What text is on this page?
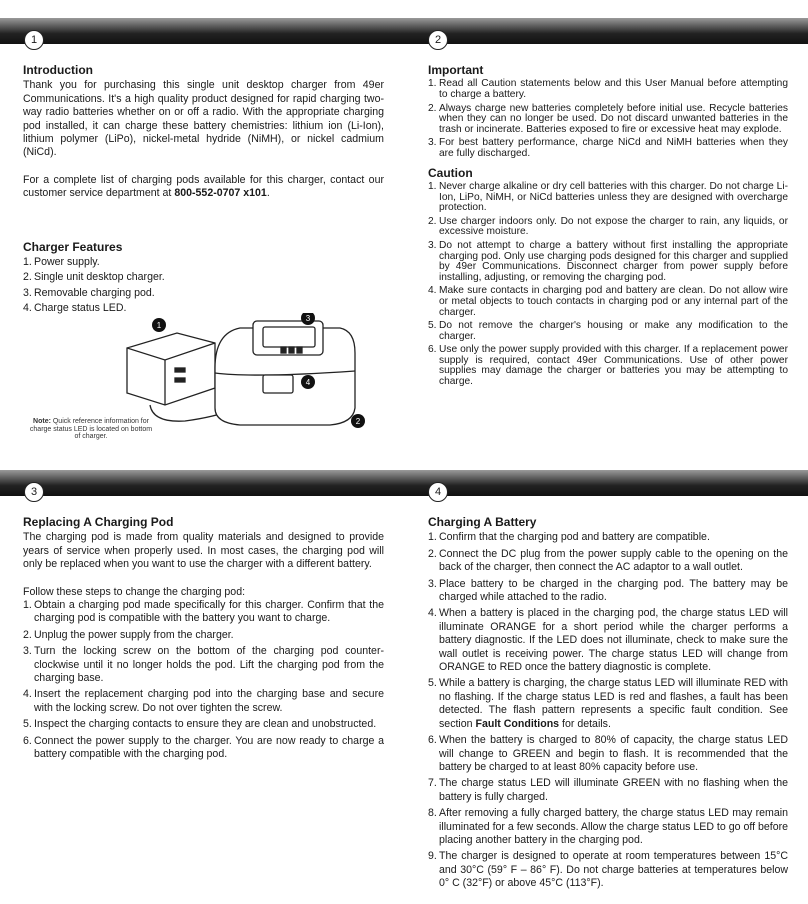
1
Introduction

Thank you for purchasing this single unit desktop charger from 49er Communications. It's a high quality product designed for rapid charging two-way radio batteries whether on or off a radio. With the appropriate charging pod installed, it can charge these battery chemistries: lithium ion (Li-Ion), lithium polymer (LiPo), nickel-metal hydride (NiMH), or nickel cadmium (NiCd).

For a complete list of charging pods available for this charger, contact our customer service department at 800-552-0707 x101.

Charger Features
1. Power supply.
2. Single unit desktop charger.
3. Removable charging pod.
4. Charge status LED.
1
3
4
2
Note: Quick reference information for charge status LED is located on bottom of charger.
2
Important
1. Read all Caution statements below and this User Manual before attempting to charge a battery.
2. Always charge new batteries completely before initial use. Recycle batteries when they can no longer be used. Do not discard unwanted batteries in the trash or incinerate. Batteries exposed to fire or excessive heat may explode.
3. For best battery performance, charge NiCd and NiMH batteries when they are fully discharged.
Caution
1. Never charge alkaline or dry cell batteries with this charger. Do not charge Li-Ion, LiPo, NiMH, or NiCd batteries unless they are designed with overcharge protection.
2. Use charger indoors only. Do not expose the charger to rain, any liquids, or excessive moisture.
3. Do not attempt to charge a battery without first installing the appropriate charging pod. Only use charging pods designed for this charger and supplied by 49er Communications. Disconnect charger from power supply before installing, adjusting, or removing the charging pod.
4. Make sure contacts in charging pod and battery are clean. Do not allow wire or metal objects to touch contacts in charging pod or any internal part of the charger.
5. Do not remove the charger's housing or make any modification to the charger.
6. Use only the power supply provided with this charger. If a replacement power supply is required, contact 49er Communications. Use of other power supplies may damage the charger or batteries you may be attempting to charge.
3
Replacing A Charging Pod

The charging pod is made from quality materials and designed to provide years of service when properly used. In most cases, the charging pod will only be replaced when you want to use the charger with a different battery.

Follow these steps to change the charging pod:

1. Obtain a charging pod made specifically for this charger. Confirm that the charging pod is compatible with the battery you want to charge.
2. Unplug the power supply from the charger.
3. Turn the locking screw on the bottom of the charging pod counter-clockwise until it no longer holds the pod. Lift the charging pod from the charging base.
4. Insert the replacement charging pod into the charging base and secure with the locking screw. Do not over tighten the screw.
5. Inspect the charging contacts to ensure they are clean and unobstructed.
6. Connect the power supply to the charger. You are now ready to charge a battery compatible with the charging pod.
4
Charging A Battery
1. Confirm that the charging pod and battery are compatible.
2. Connect the DC plug from the power supply cable to the opening on the back of the charger, then connect the AC adaptor to a wall outlet.
3. Place battery to be charged in the charging pod. The battery may be charged while attached to the radio.
4. When a battery is placed in the charging pod, the charge status LED will illuminate ORANGE for a short period while the charger performs a battery diagnostic. If the LED does not illuminate, check to make sure the wall outlet is receiving power. The charge status LED will change from ORANGE to RED once the battery diagnostic is complete.
5. While a battery is charging, the charge status LED will illuminate RED with no flashing. If the charge status LED is red and flashes, a fault has been detected. The flash pattern represents a specific fault condition. See section Fault Conditions for details.
6. When the battery is charged to 80% of capacity, the charge status LED will change to GREEN and begin to flash. It is recommended that the battery be charged to at least 80% capacity before use.
7. The charge status LED will illuminate GREEN with no flashing when the battery is fully charged.
8. After removing a fully charged battery, the charge status LED may remain illuminated for a few seconds. Allow the charge status LED to go off before placing another battery in the charging pod.
9. The charger is designed to operate at room temperatures between 15°C and 30°C (59° F – 86° F). Do not charge batteries at temperatures below 0° C (32°F) or above 45°C (113°F).
